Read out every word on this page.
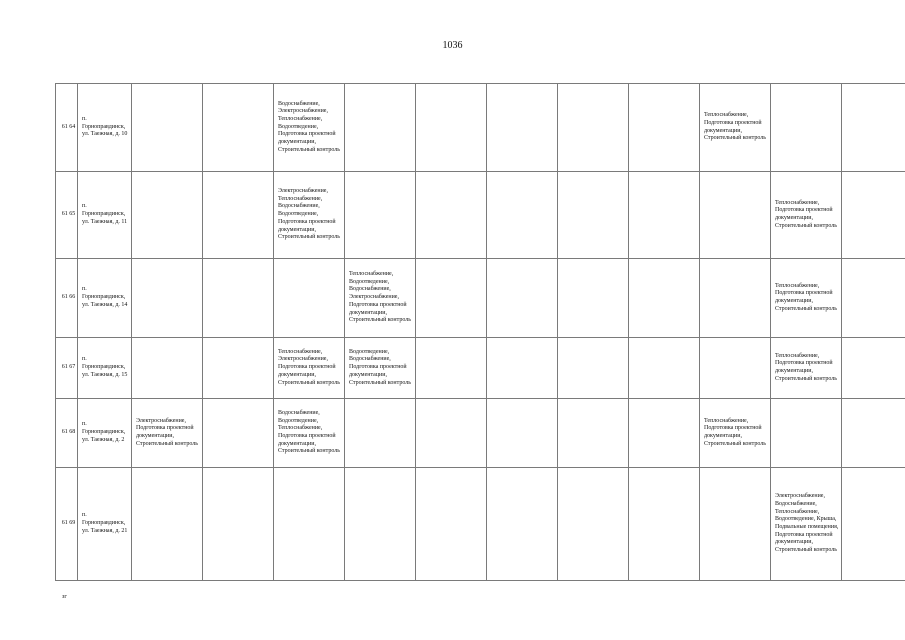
1036
61 64	п. Горноправдинск, ул. Таежная, д. 10			Водоснабжение, Электроснабжение, Теплоснабжение, Водоотведение, Подготовка проектной документации, Строительный контроль						Теплоснабжение, Подготовка проектной документации, Строительный контроль		
61 65	п. Горноправдинск, ул. Таежная, д. 11			Электроснабжение, Теплоснабжение, Водоснабжение, Водоотведение, Подготовка проектной документации, Строительный контроль							Теплоснабжение, Подготовка проектной документации, Строительный контроль	
61 66	п. Горноправдинск, ул. Таежная, д. 14				Теплоснабжение, Водоотведение, Водоснабжение, Электроснабжение, Подготовка проектной документации, Строительный контроль						Теплоснабжение, Подготовка проектной документации, Строительный контроль	
61 67	п. Горноправдинск, ул. Таежная, д. 15			Теплоснабжение, Электроснабжение, Подготовка проектной документации, Строительный контроль	Водоотведение, Водоснабжение, Подготовка проектной документации, Строительный контроль						Теплоснабжение, Подготовка проектной документации, Строительный контроль	
61 68	п. Горноправдинск, ул. Таежная, д. 2	Электроснабжение, Подготовка проектной документации, Строительный контроль		Водоснабжение, Водоотведение, Теплоснабжение, Подготовка проектной документации, Строительный контроль						Теплоснабжение, Подготовка проектной документации, Строительный контроль		
61 69	п. Горноправдинск, ул. Таежная, д. 21										Электроснабжение, Водоснабжение, Теплоснабжение, Водоотведение, Крыша, Подвальные помещения, Подготовка проектной документации, Строительный контроль	
зг
